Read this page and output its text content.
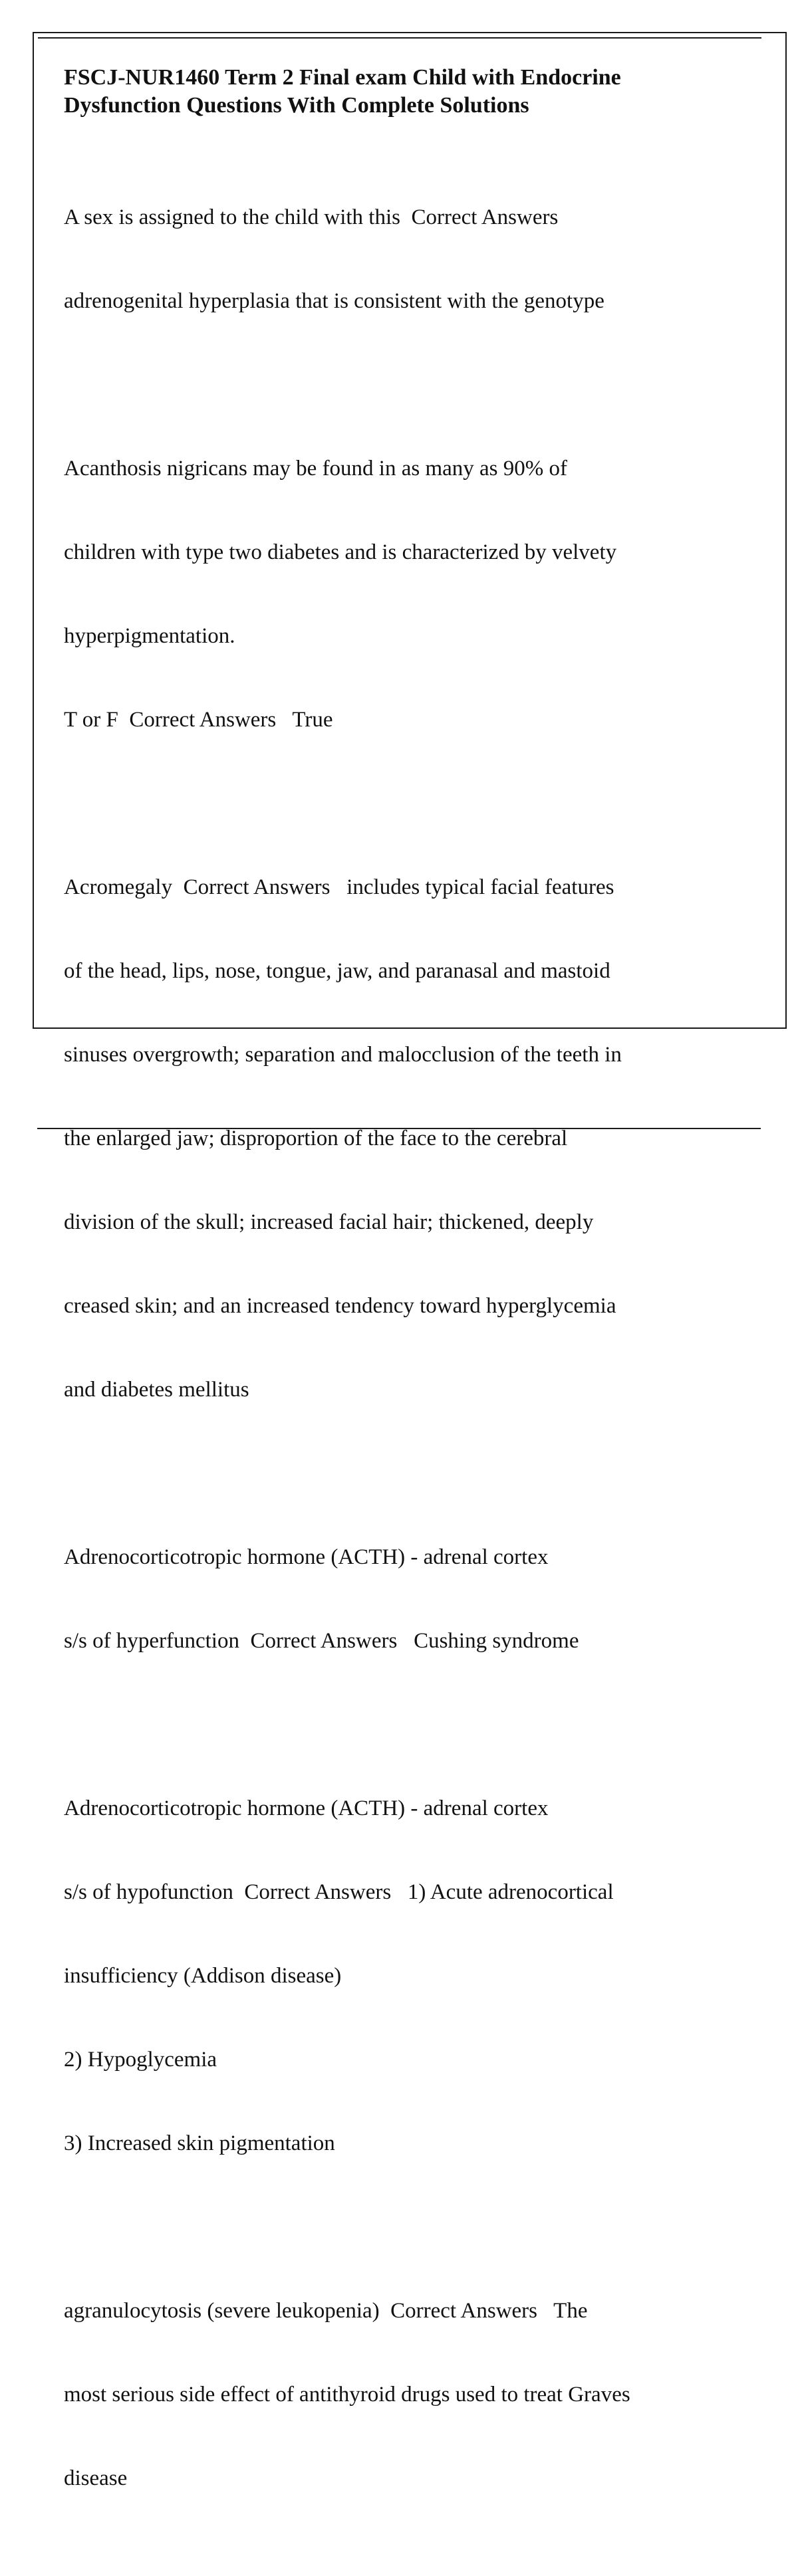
FSCJ-NUR1460 Term 2 Final exam Child with Endocrine
Dysfunction Questions With Complete Solutions

A sex is assigned to the child with this  Correct Answers

adrenogenital hyperplasia that is consistent with the genotype

Acanthosis nigricans may be found in as many as 90% of

children with type two diabetes and is characterized by velvety

hyperpigmentation.

T or F  Correct Answers   True

Acromegaly  Correct Answers   includes typical facial features

of the head, lips, nose, tongue, jaw, and paranasal and mastoid

sinuses overgrowth; separation and malocclusion of the teeth in

the enlarged jaw; disproportion of the face to the cerebral

division of the skull; increased facial hair; thickened, deeply

creased skin; and an increased tendency toward hyperglycemia

and diabetes mellitus

Adrenocorticotropic hormone (ACTH) - adrenal cortex

s/s of hyperfunction  Correct Answers   Cushing syndrome

Adrenocorticotropic hormone (ACTH) - adrenal cortex

s/s of hypofunction  Correct Answers   1) Acute adrenocortical

insufficiency (Addison disease)

2) Hypoglycemia

3) Increased skin pigmentation

agranulocytosis (severe leukopenia)  Correct Answers   The

most serious side effect of antithyroid drugs used to treat Graves

disease
